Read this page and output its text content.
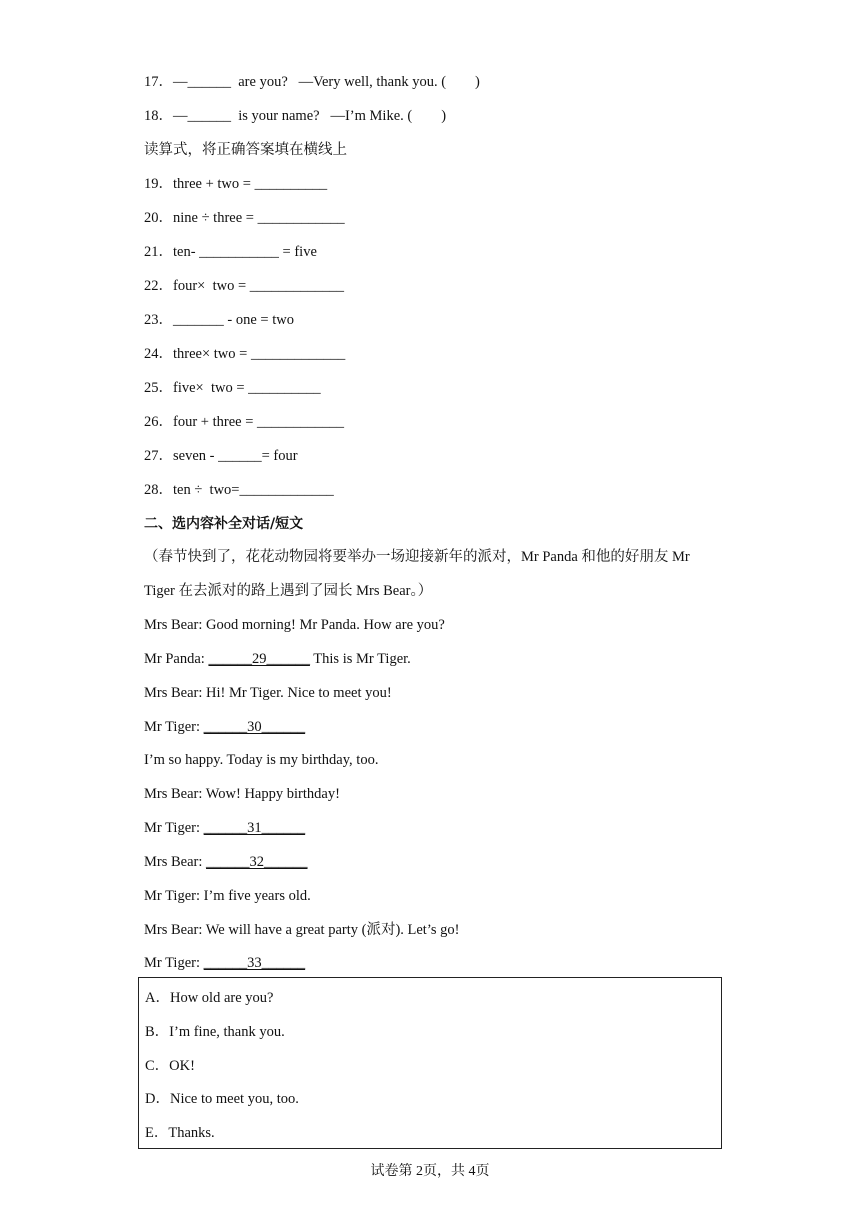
17．—______  are you?   —Very well, thank you. (        )
18．—______  is your name?   —I’m Mike. (        )
读算式，将正确答案填在横线上
19．three + two = __________
20．nine ÷ three = ____________
21．ten- ___________ = five
22．four×  two = _____________
23．_______ - one = two
24．three× two = _____________
25．five×  two = __________
26．four + three = ____________
27．seven - ______= four
28．ten ÷  two=_____________
二、选内容补全对话/短文
（春节快到了，花花动物园将要举办一场迎接新年的派对，Mr Panda 和他的好朋友 Mr
Tiger 在去派对的路上遇到了园长 Mrs Bear。）
Mrs Bear: Good morning! Mr Panda. How are you?
Mr Panda: ______29______ This is Mr Tiger.
Mrs Bear: Hi! Mr Tiger. Nice to meet you!
Mr Tiger: ______30______
I’m so happy. Today is my birthday, too.
Mrs Bear: Wow! Happy birthday!
Mr Tiger: ______31______
Mrs Bear: ______32______
Mr Tiger: I’m five years old.
Mrs Bear: We will have a great party (派对). Let’s go!
Mr Tiger: ______33______
A．How old are you?
B．I’m fine, thank you.
C．OK!
D．Nice to meet you, too.
E．Thanks.
试卷第 2页，共 4页
